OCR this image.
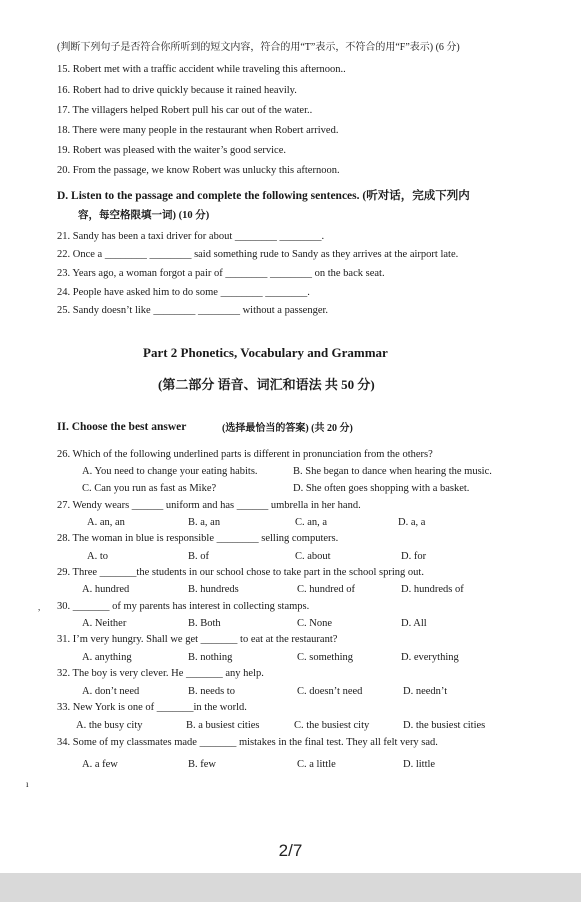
(判断下列句子是否符合你所听到的短文内容，符合的用“T”表示，不符合的用“F”表示) (6 分)
15. Robert met with a traffic accident while traveling this afternoon..
16. Robert had to drive quickly because it rained heavily.
17. The villagers helped Robert pull his car out of the water..
18. There were many people in the restaurant when Robert arrived.
19. Robert was pleased with the waiter’s good service.
20. From the passage, we know Robert was unlucky this afternoon.
D. Listen to the passage and complete the following sentences. (听对话，完成下列内
容，每空格限填一词) (10 分)
21. Sandy has been a taxi driver for about ________ ________.
22. Once a ________ ________ said something rude to Sandy as they arrives at the airport late.
23. Years ago, a woman forgot a pair of ________ ________ on the back seat.
24. People have asked him to do some ________ ________.
25. Sandy doesn’t like ________ ________ without a passenger.
Part 2 Phonetics, Vocabulary and Grammar
(第二部分 语音、词汇和语法 共 50 分)
II. Choose the best answer	(选择最恰当的答案) (共 20 分)
26. Which of the following underlined parts is different in pronunciation from the others?
A. You need to change your eating habits.	B. She began to dance when hearing the music.
C. Can you run as fast as Mike?	D. She often goes shopping with a basket.
27. Wendy wears ______ uniform and has ______ umbrella in her hand.
A. an, an	B. a, an	C. an, a	D. a, a
28. The woman in blue is responsible ________ selling computers.
A. to	B. of	C. about	D. for
29. Three _______the students in our school chose to take part in the school spring out.
A. hundred	B. hundreds	C. hundred of	D. hundreds of
, 30. _______ of my parents has interest in collecting stamps.
A. Neither	B. Both	C. None	D. All
31. I’m very hungry. Shall we get _______ to eat at the restaurant?
A. anything	B. nothing	C. something	D. everything
32. The boy is very clever. He _______ any help.
A. don’t need	B. needs to	C. doesn’t need	D. needn’t
33. New York is one of _______in the world.
A. the busy city	B. a busiest cities	C. the busiest city	D. the busiest cities
34. Some of my classmates made _______ mistakes in the final test. They all felt very sad.
A. a few	B. few	C. a little	D. little
ı
2/7
